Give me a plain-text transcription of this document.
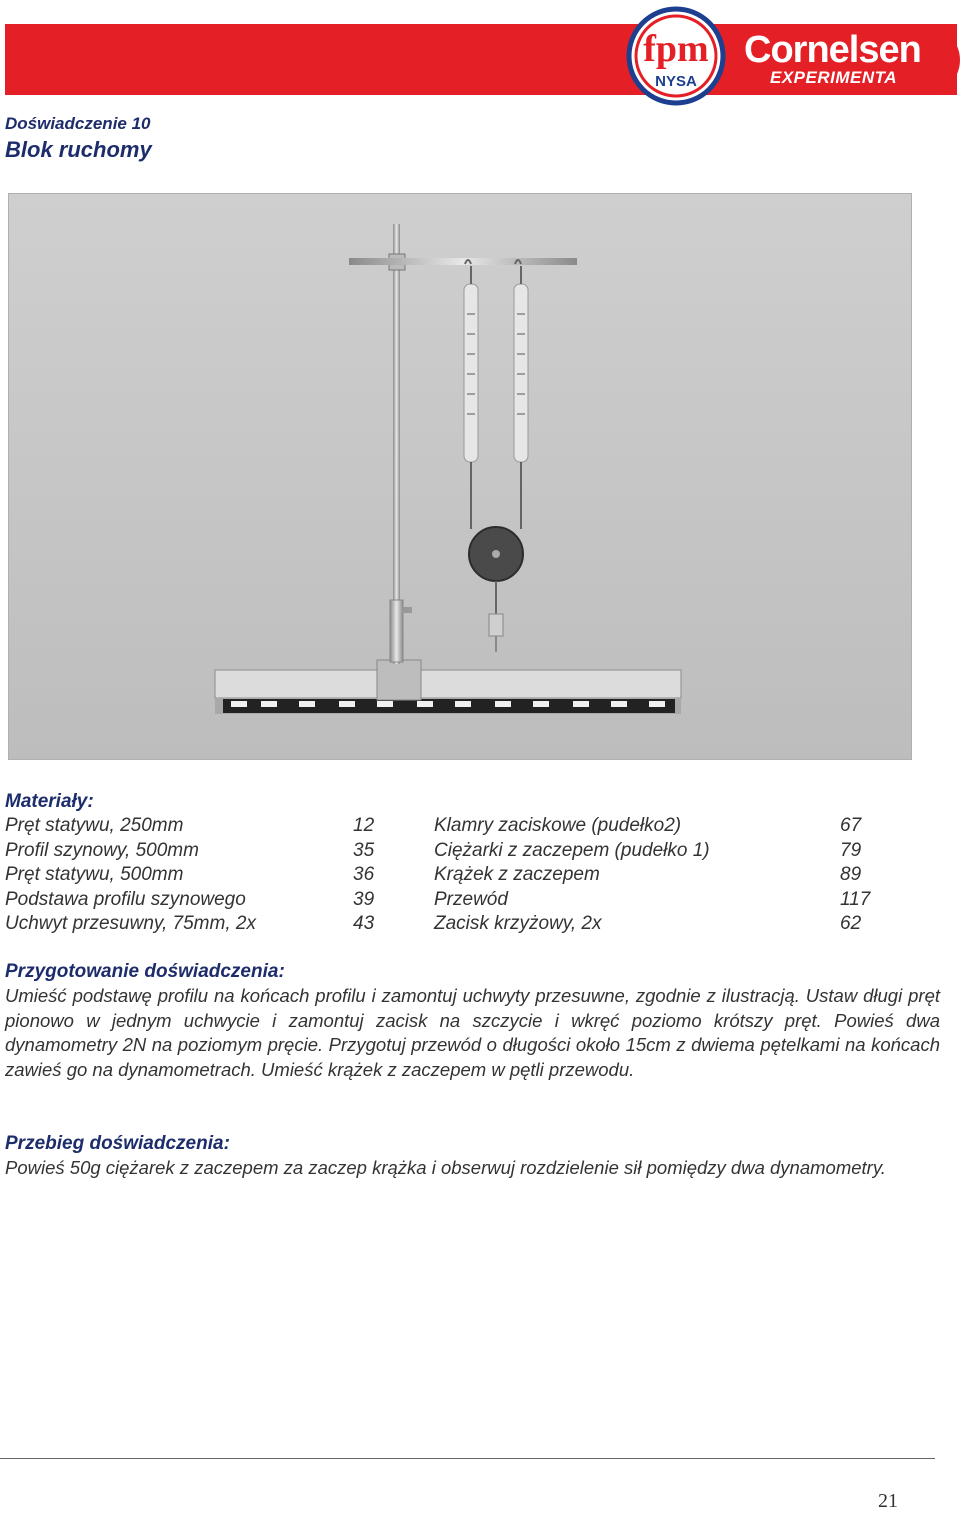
fpm
NYSA
Cornelsen
EXPERIMENTA
Doświadczenie 10
Blok ruchomy
Materiały:
Pręt statywu, 250mm	12	Klamry zaciskowe (pudełko2)	67
Profil szynowy, 500mm	35	Ciężarki z zaczepem (pudełko 1)	79
Pręt statywu, 500mm	36	Krążek z zaczepem	89
Podstawa profilu szynowego	39	Przewód	117
Uchwyt przesuwny, 75mm, 2x	43	Zacisk krzyżowy, 2x	62
Przygotowanie doświadczenia:

Umieść podstawę profilu na końcach profilu i zamontuj uchwyty przesuwne, zgodnie z ilustracją. Ustaw długi pręt pionowo w jednym uchwycie i zamontuj zacisk na szczycie i wkręć poziomo krótszy pręt. Powieś dwa dynamometry 2N na poziomym pręcie. Przygotuj przewód o długości około 15cm z dwiema pętelkami na końcach zawieś go na dynamometrach. Umieść krążek z zaczepem w pętli przewodu.

Przebieg doświadczenia:

Powieś 50g ciężarek z zaczepem za zaczep krążka i obserwuj rozdzielenie sił pomiędzy dwa dynamometry.

21
